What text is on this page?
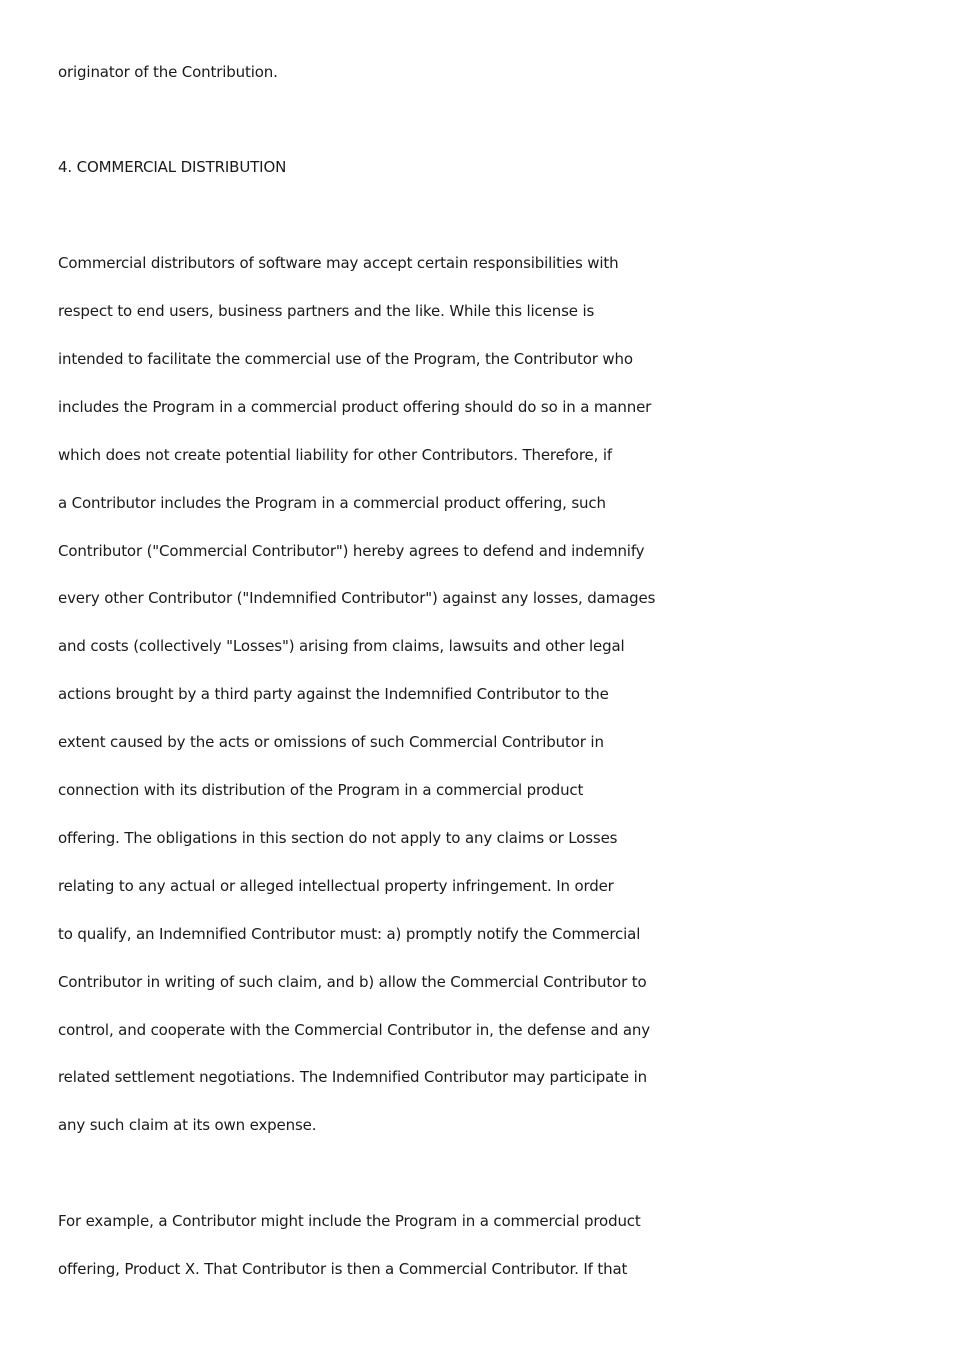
originator of the Contribution.
4. COMMERCIAL DISTRIBUTION
Commercial distributors of software may accept certain responsibilities with
respect to end users, business partners and the like. While this license is
intended to facilitate the commercial use of the Program, the Contributor who
includes the Program in a commercial product offering should do so in a manner
which does not create potential liability for other Contributors. Therefore, if
a Contributor includes the Program in a commercial product offering, such
Contributor ("Commercial Contributor") hereby agrees to defend and indemnify
every other Contributor ("Indemnified Contributor") against any losses, damages
and costs (collectively "Losses") arising from claims, lawsuits and other legal
actions brought by a third party against the Indemnified Contributor to the
extent caused by the acts or omissions of such Commercial Contributor in
connection with its distribution of the Program in a commercial product
offering. The obligations in this section do not apply to any claims or Losses
relating to any actual or alleged intellectual property infringement. In order
to qualify, an Indemnified Contributor must: a) promptly notify the Commercial
Contributor in writing of such claim, and b) allow the Commercial Contributor to
control, and cooperate with the Commercial Contributor in, the defense and any
related settlement negotiations. The Indemnified Contributor may participate in
any such claim at its own expense.
For example, a Contributor might include the Program in a commercial product
offering, Product X. That Contributor is then a Commercial Contributor. If that
